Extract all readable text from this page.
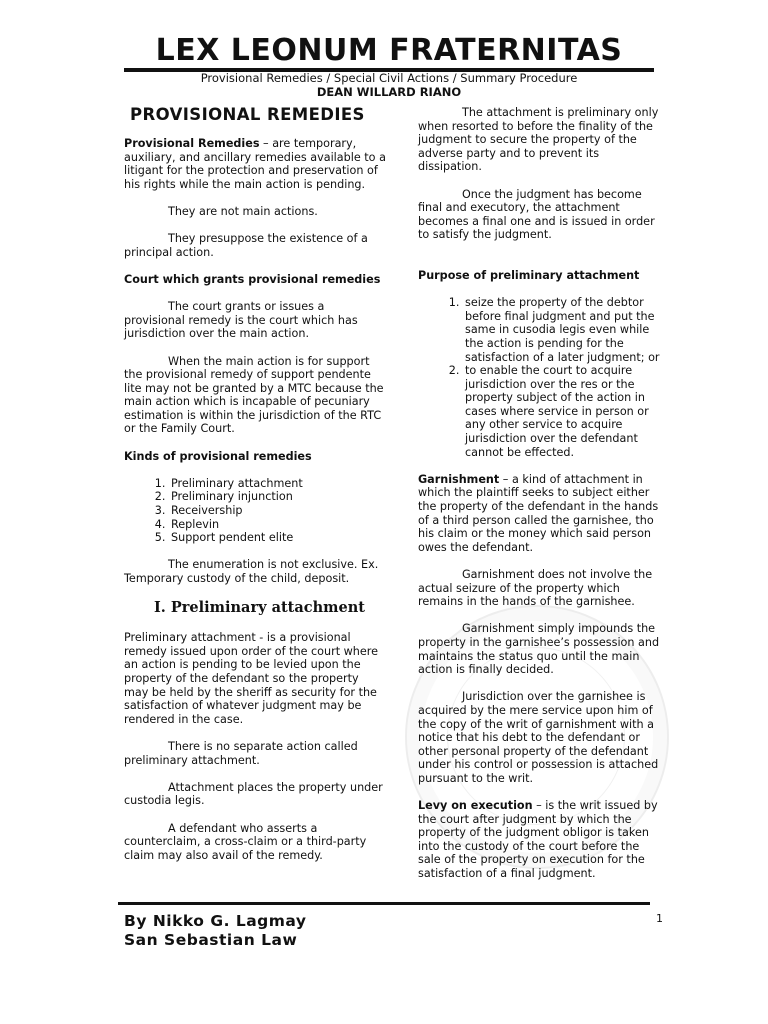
LEX LEONUM FRATERNITAS
Provisional Remedies / Special Civil Actions / Summary Procedure
DEAN WILLARD RIANO

PROVISIONAL REMEDIES

Provisional Remedies – are temporary, auxiliary, and ancillary remedies available to a litigant for the protection and preservation of his rights while the main action is pending.

They are not main actions.

They presuppose the existence of a principal action.

Court which grants provisional remedies

The court grants or issues a provisional remedy is the court which has jurisdiction over the main action.

When the main action is for support the provisional remedy of support pendente lite may not be granted by a MTC because the main action which is incapable of pecuniary estimation is within the jurisdiction of the RTC or the Family Court.

Kinds of provisional remedies

1. Preliminary attachment
2. Preliminary injunction
3. Receivership
4. Replevin
5. Support pendent elite

The enumeration is not exclusive. Ex. Temporary custody of the child, deposit.

I. Preliminary attachment

Preliminary attachment - is a provisional remedy issued upon order of the court where an action is pending to be levied upon the property of the defendant so the property may be held by the sheriff as security for the satisfaction of whatever judgment may be rendered in the case.

There is no separate action called preliminary attachment.

Attachment places the property under custodia legis.

A defendant who asserts a counterclaim, a cross-claim or a third-party claim may also avail of the remedy.

The attachment is preliminary only when resorted to before the finality of the judgment to secure the property of the adverse party and to prevent its dissipation.

Once the judgment has become final and executory, the attachment becomes a final one and is issued in order to satisfy the judgment.

Purpose of preliminary attachment

1. seize the property of the debtor before final judgment and put the same in cusodia legis even while the action is pending for the satisfaction of a later judgment; or
2. to enable the court to acquire jurisdiction over the res or the property subject of the action in cases where service in person or any other service to acquire jurisdiction over the defendant cannot be effected.

Garnishment – a kind of attachment in which the plaintiff seeks to subject either the property of the defendant in the hands of a third person called the garnishee, tho his claim or the money which said person owes the defendant.

Garnishment does not involve the actual seizure of the property which remains in the hands of the garnishee.

Garnishment simply impounds the property in the garnishee’s possession and maintains the status quo until the main action is finally decided.

Jurisdiction over the garnishee is acquired by the mere service upon him of the copy of the writ of garnishment with a notice that his debt to the defendant or other personal property of the defendant under his control or possession is attached pursuant to the writ.

Levy on execution – is the writ issued by the court after judgment by which the property of the judgment obligor is taken into the custody of the court before the sale of the property on execution for the satisfaction of a final judgment.

By Nikko G. Lagmay
San Sebastian Law
1
